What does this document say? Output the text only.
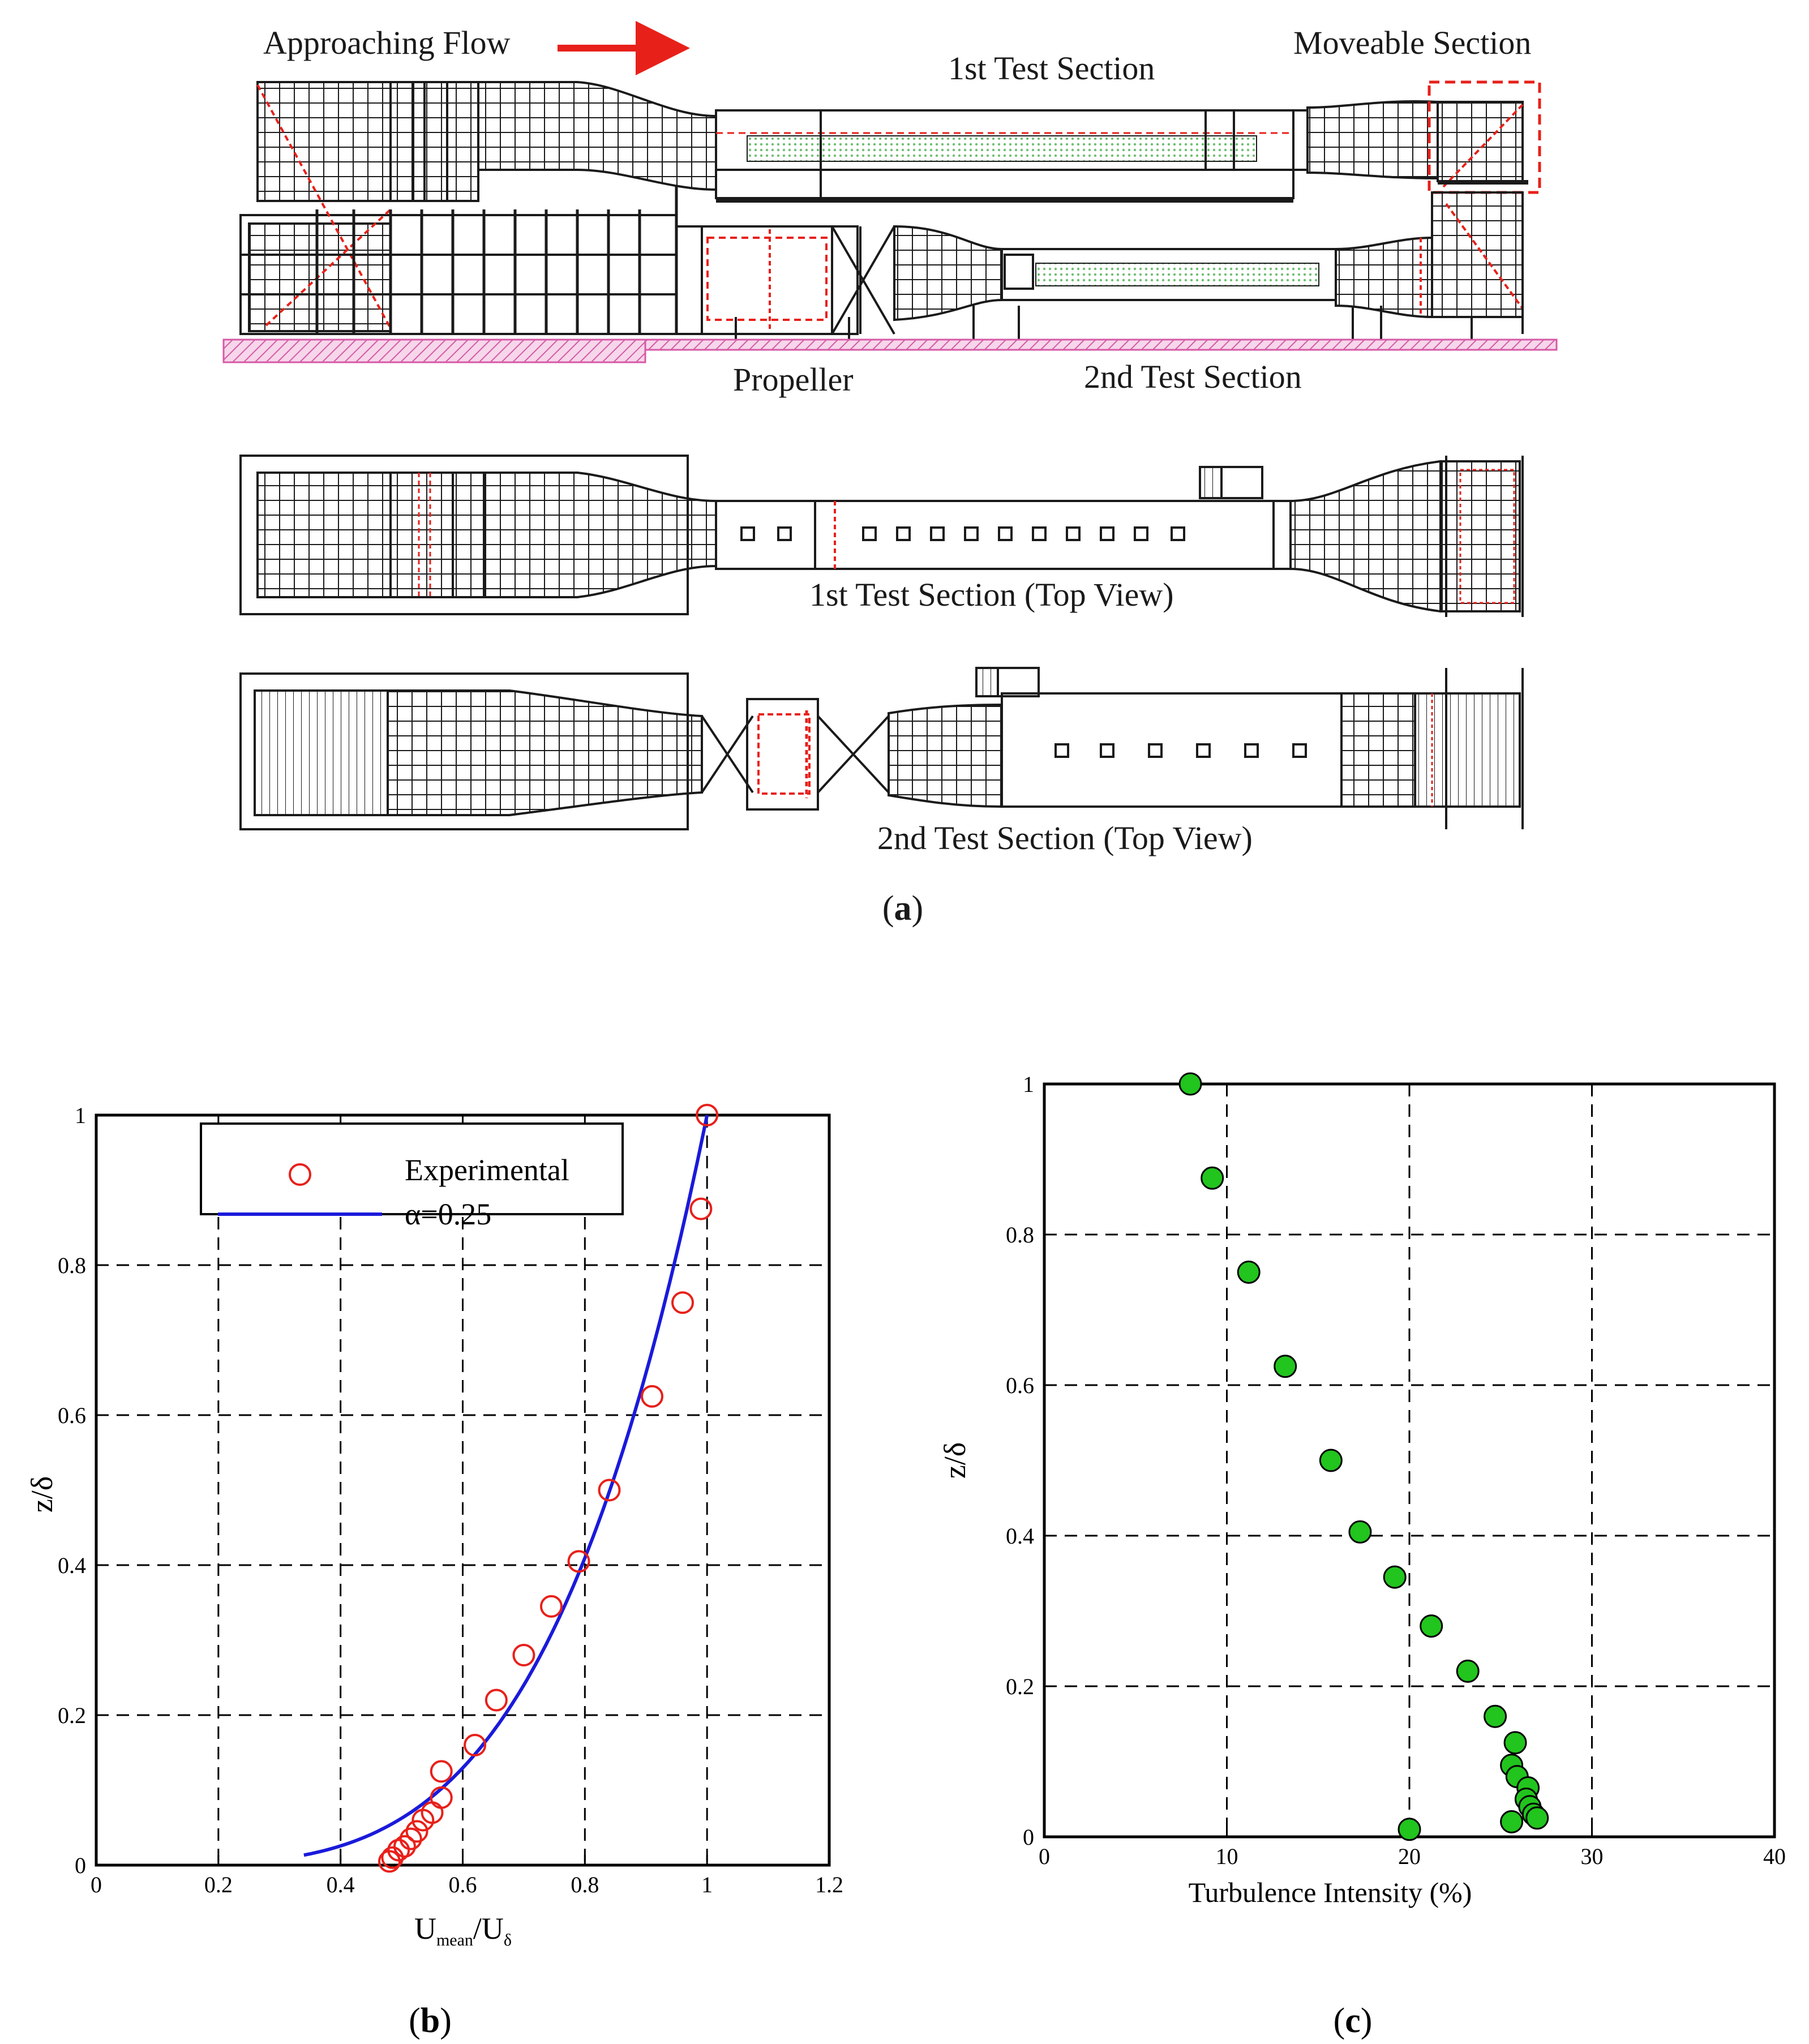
Approaching Flow
1st Test Section
Moveable Section
Propeller	2nd Test Section
1st Test Section (Top View)
2nd Test Section (Top View)
(a)
0	0.2	0.4	0.6	0.8	1	1.2
0
0.2
0.4
0.6
0.8
1
Experimental
α=0.25
z/δ
$U_{mean}/U_\delta$
(b)
0	10	20	30	40
0
0.2
0.4
0.6
0.8
1
z/δ
Turbulence Intensity (%)
(c)
